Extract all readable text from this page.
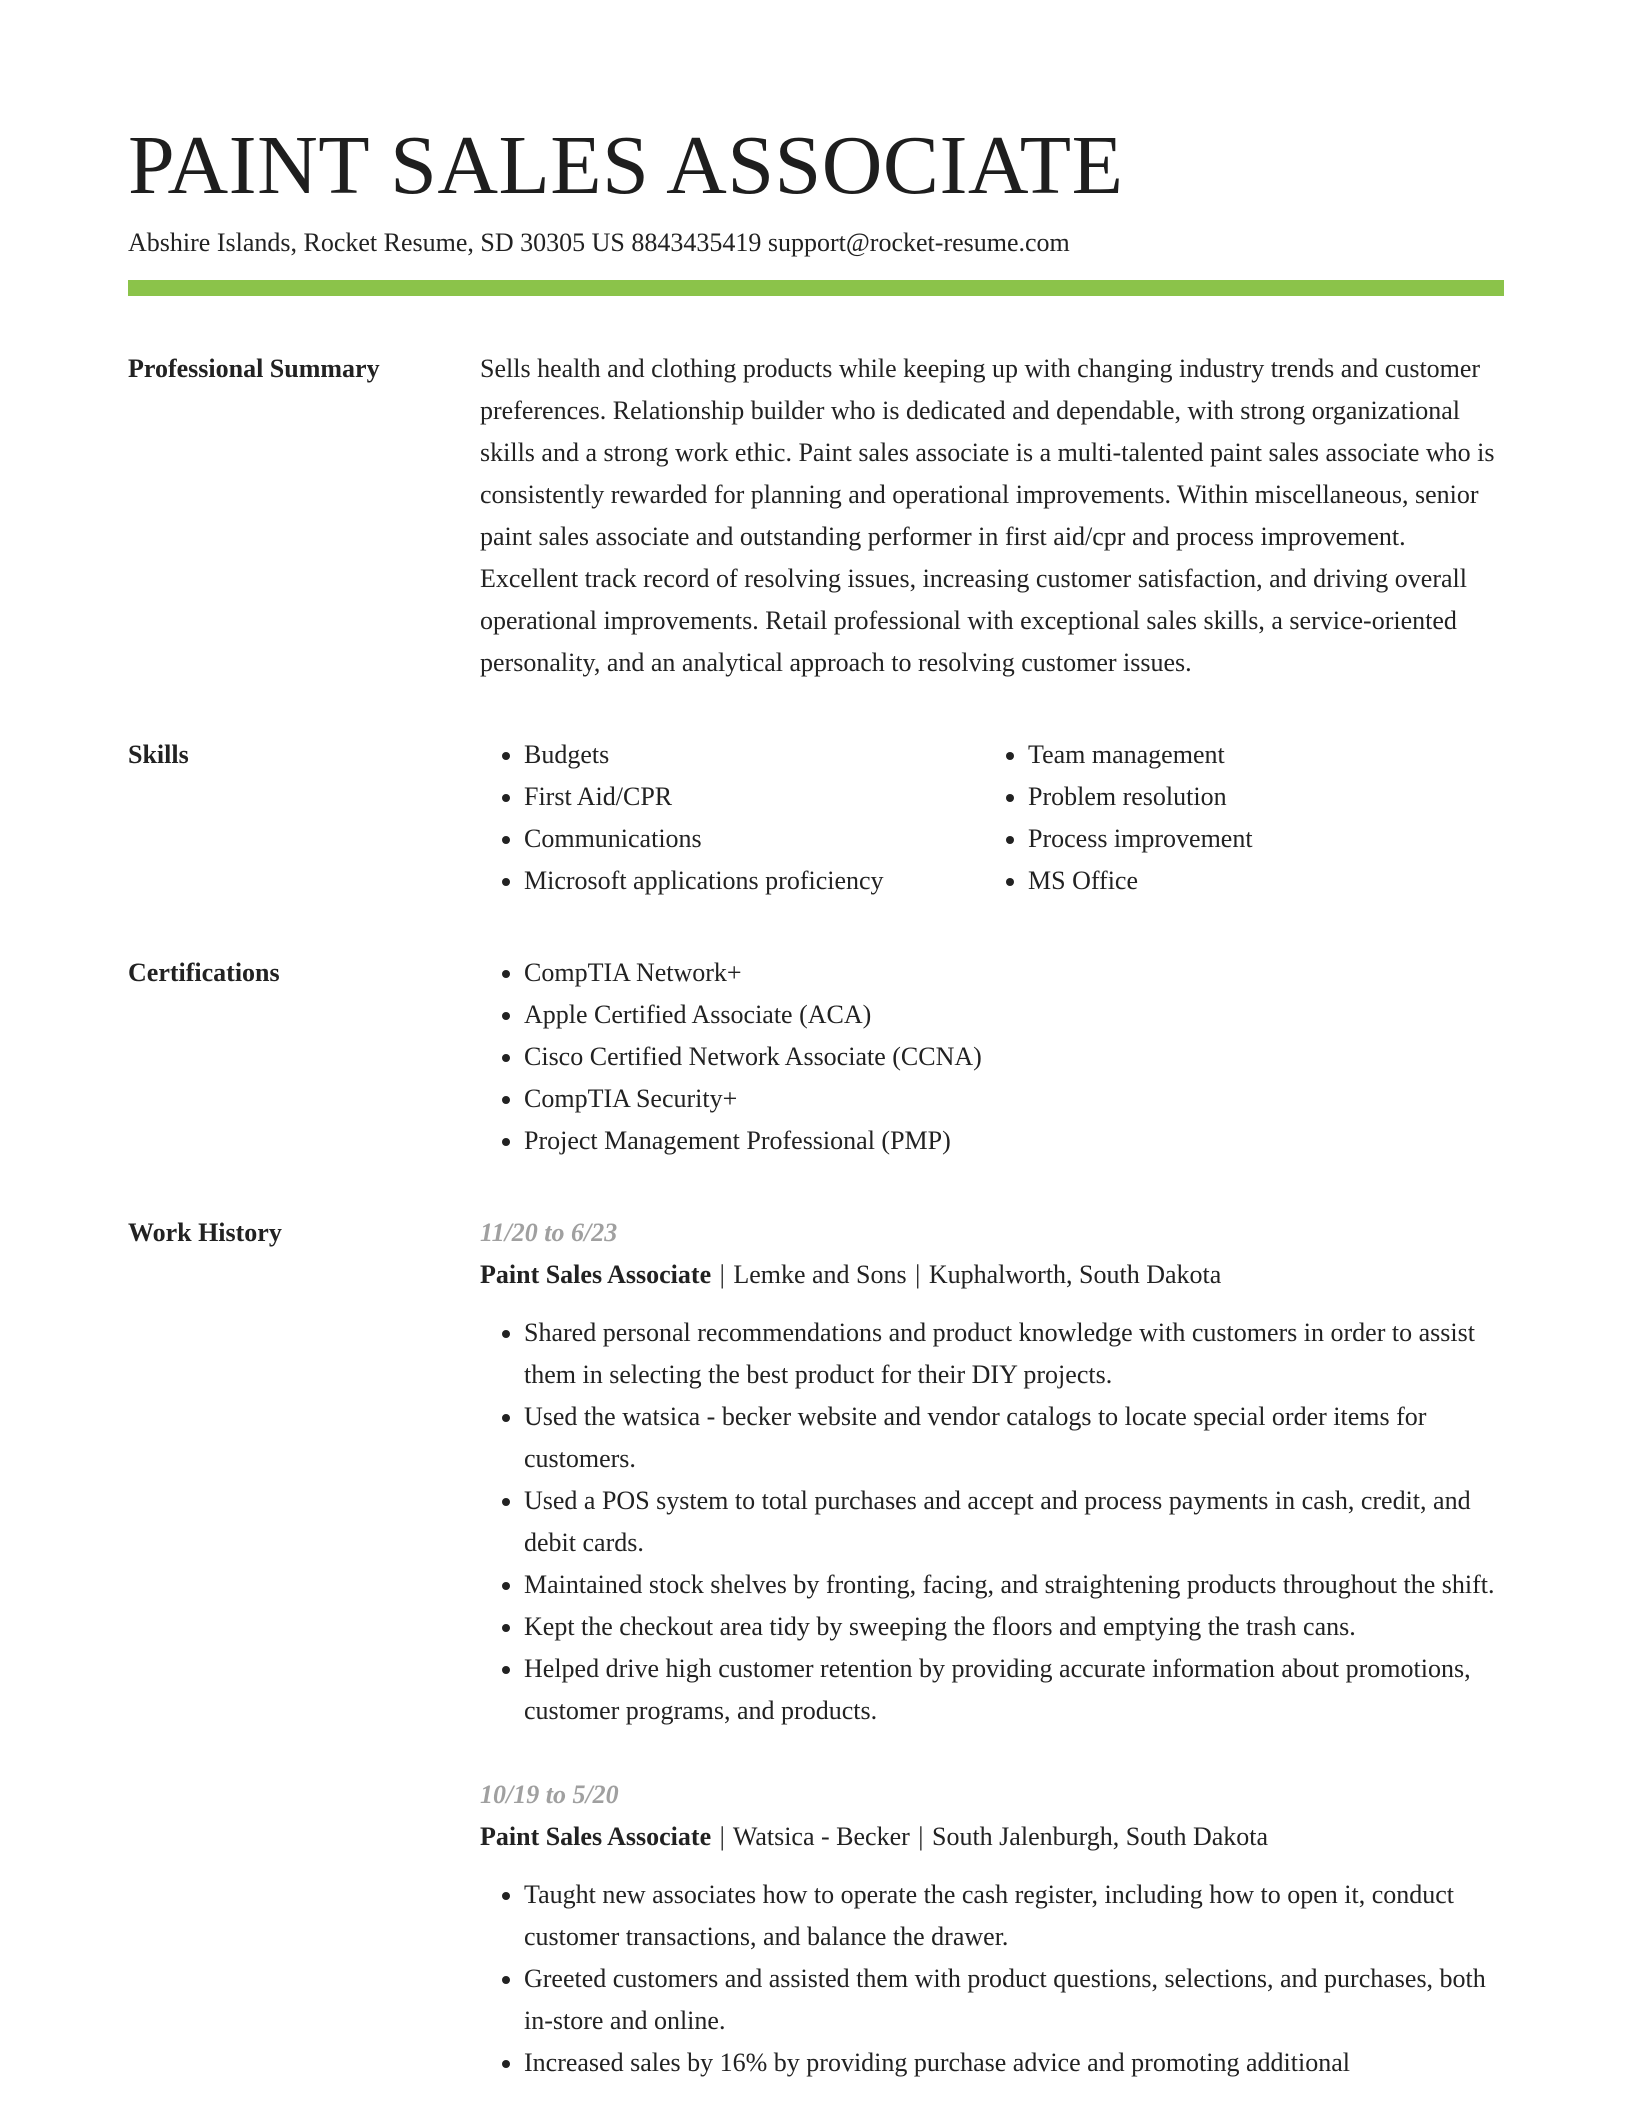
PAINT SALES ASSOCIATE
Abshire Islands, Rocket Resume, SD 30305 US 8843435419 support@rocket-resume.com
Professional Summary	Sells health and clothing products while keeping up with changing industry trends and customer preferences. Relationship builder who is dedicated and dependable, with strong organizational skills and a strong work ethic. Paint sales associate is a multi-talented paint sales associate who is consistently rewarded for planning and operational improvements. Within miscellaneous, senior paint sales associate and outstanding performer in first aid/cpr and process improvement. Excellent track record of resolving issues, increasing customer satisfaction, and driving overall operational improvements. Retail professional with exceptional sales skills, a service-oriented personality, and an analytical approach to resolving customer issues.

Skills	• Budgets
• First Aid/CPR
• Communications
• Microsoft applications proficiency
• Team management
• Problem resolution
• Process improvement
• MS Office
Certifications	• CompTIA Network+
• Apple Certified Associate (ACA)
• Cisco Certified Network Associate (CCNA)
• CompTIA Security+
• Project Management Professional (PMP)
Work History	11/20 to 6/23
Paint Sales Associate | Lemke and Sons | Kuphalworth, South Dakota
• Shared personal recommendations and product knowledge with customers in order to assist them in selecting the best product for their DIY projects.
• Used the watsica - becker website and vendor catalogs to locate special order items for customers.
• Used a POS system to total purchases and accept and process payments in cash, credit, and debit cards.
• Maintained stock shelves by fronting, facing, and straightening products throughout the shift.
• Kept the checkout area tidy by sweeping the floors and emptying the trash cans.
• Helped drive high customer retention by providing accurate information about promotions, customer programs, and products.
10/19 to 5/20
Paint Sales Associate | Watsica - Becker | South Jalenburgh, South Dakota
• Taught new associates how to operate the cash register, including how to open it, conduct customer transactions, and balance the drawer.
• Greeted customers and assisted them with product questions, selections, and purchases, both in-store and online.
• Increased sales by 16% by providing purchase advice and promoting additional
